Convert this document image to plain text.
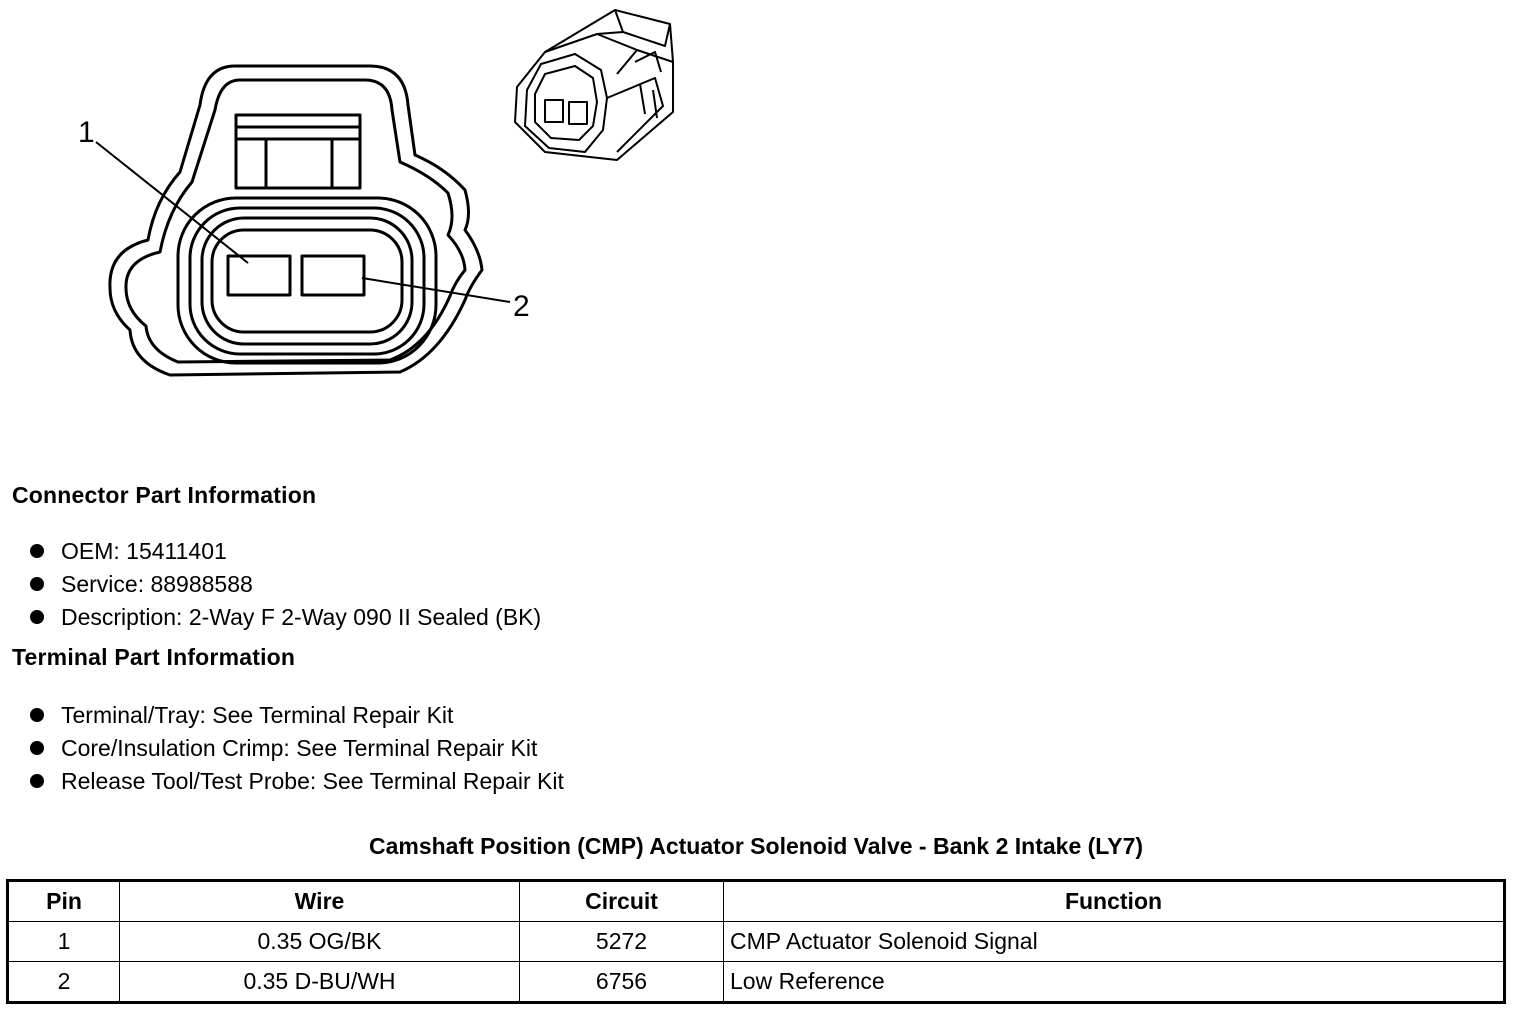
1
2
Connector Part Information
OEM: 15411401
Service: 88988588
Description: 2-Way F 2-Way 090 II Sealed (BK)
Terminal Part Information
Terminal/Tray: See Terminal Repair Kit
Core/Insulation Crimp: See Terminal Repair Kit
Release Tool/Test Probe: See Terminal Repair Kit
Camshaft Position (CMP) Actuator Solenoid Valve - Bank 2 Intake (LY7)
Pin	Wire	Circuit	Function
1	0.35 OG/BK	5272	CMP Actuator Solenoid Signal
2	0.35 D-BU/WH	6756	Low Reference
